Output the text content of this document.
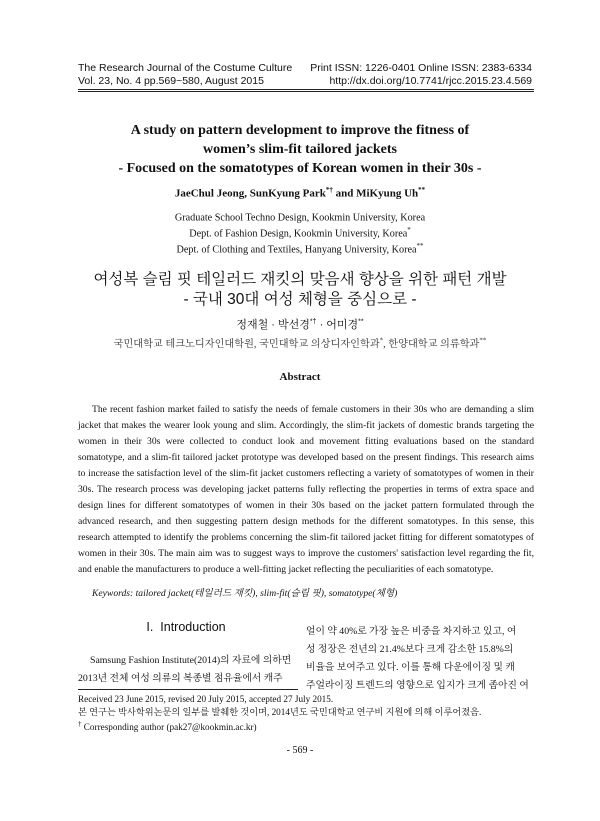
The Research Journal of the Costume Culture
Vol. 23, No. 4 pp.569~580, August 2015
Print ISSN: 1226-0401 Online ISSN: 2383-6334
http://dx.doi.org/10.7741/rjcc.2015.23.4.569
A study on pattern development to improve the fitness of
women’s slim-fit tailored jackets
- Focused on the somatotypes of Korean women in their 30s -
JaeChul Jeong, SunKyung Park*† and MiKyung Uh**
Graduate School Techno Design, Kookmin University, Korea
Dept. of Fashion Design, Kookmin University, Korea*
Dept. of Clothing and Textiles, Hanyang University, Korea**
여성복 슬림 핏 테일러드 재킷의 맞음새 향상을 위한 패턴 개발
- 국내 30대 여성 체형을 중심으로 -
정재철 · 박선경*† · 어미경**
국민대학교 테크노디자인대학원, 국민대학교 의상디자인학과*, 한양대학교 의류학과**
Abstract

The recent fashion market failed to satisfy the needs of female customers in their 30s who are demanding a slim jacket that makes the wearer look young and slim. Accordingly, the slim-fit jackets of domestic brands targeting the women in their 30s were collected to conduct look and movement fitting evaluations based on the standard somatotype, and a slim-fit tailored jacket prototype was developed based on the present findings. This research aims to increase the satisfaction level of the slim-fit jacket customers reflecting a variety of somatotypes of women in their 30s. The research process was developing jacket patterns fully reflecting the properties in terms of extra space and design lines for different somatotypes of women in their 30s based on the jacket pattern formulated through the advanced research, and then suggesting pattern design methods for the different somatotypes. In this sense, this research attempted to identify the problems concerning the slim-fit tailored jacket fitting for different somatotypes of women in their 30s. The main aim was to suggest ways to improve the customers' satisfaction level regarding the fit, and enable the manufacturers to produce a well-fitting jacket reflecting the peculiarities of each somatotype.

Keywords: tailored jacket(테일러드 재킷), slim-fit(슬림 핏), somatotype(체형)
I.  Introduction
Samsung Fashion Institute(2014)의 자료에 의하면
2013년 전체 여성 의류의 복종별 점유율에서 캐주
얼이 약 40%로 가장 높은 비중을 차지하고 있고, 여
성 정장은 전년의 21.4%보다 크게 감소한 15.8%의
비율을 보여주고 있다. 이를 통해 다운에이징 및 캐
주얼라이징 트렌드의 영향으로 입지가 크게 좁아진 여
Received 23 June 2015, revised 20 July 2015, accepted 27 July 2015.
본 연구는 박사학위논문의 일부를 발췌한 것이며, 2014년도 국민대학교 연구비 지원에 의해 이루어졌음.
† Corresponding author (pak27@kookmin.ac.kr)
- 569 -
